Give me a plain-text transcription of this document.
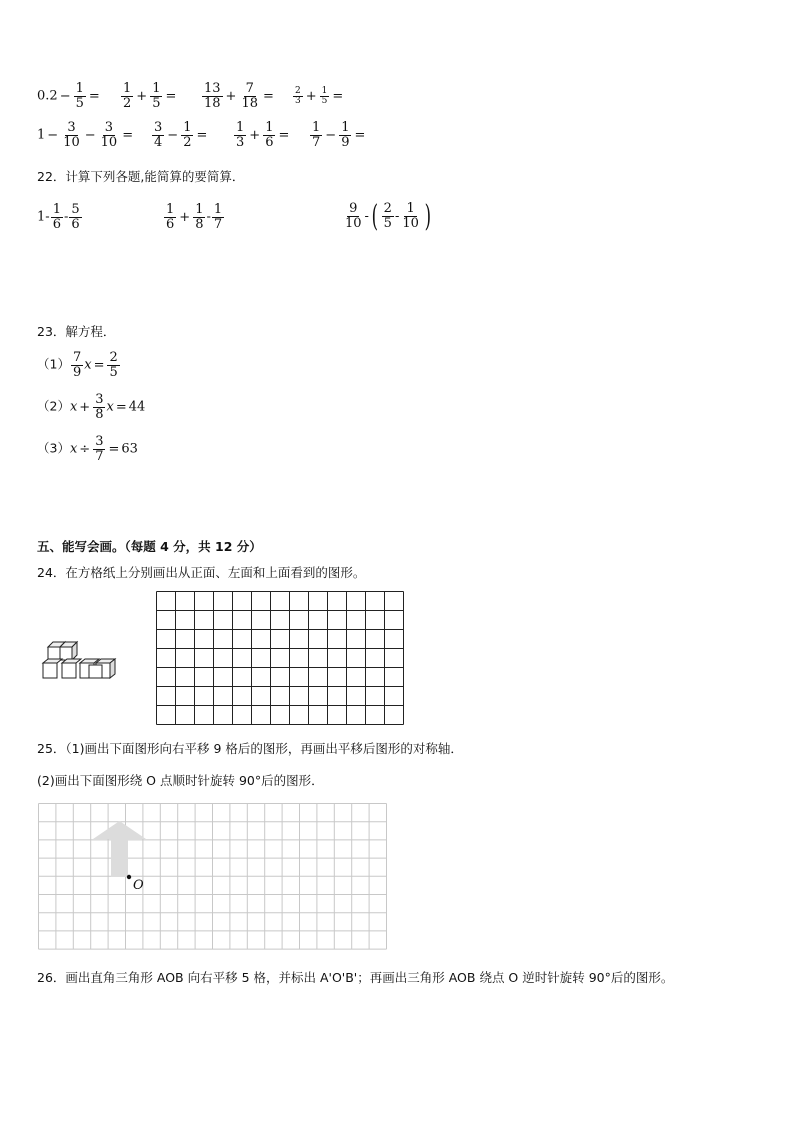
$0.2 - \frac{1}{5} = \frac{1}{2} + \frac{1}{5} = \frac{13}{18} + \frac{7}{18} = \frac{2}{3} + \frac{1}{5}$ =
$1 - \frac{3}{10} - \frac{3}{10} = \frac{3}{4} - \frac{1}{2} = \frac{1}{3} + \frac{1}{6} = \frac{1}{7} - \frac{1}{9}$ =
22．计算下列各题,能简算的要简算．
$1- \frac{1}{6} - \frac{5}{6}$	$\frac{1}{6} + \frac{1}{8} - \frac{1}{7}$	$\frac{9}{10}$ -( $\frac{2}{5} - \frac{1}{10}$ )
23．解方程．
$(1) \frac{7}{9}$ $x = \frac{2}{5}$
$(2)x + \frac{3}{8}$ x = 44
$(3)x \div \frac{3}{7} = 63$
五、能写会画。（每题 4 分，共 12 分）
24．在方格纸上分别画出从正面、左面和上面看到的图形。
25．（1)画出下面图形向右平移 9 格后的图形，再画出平移后图形的对称轴．
(2)画出下面图形绕 O 点顺时针旋转 90°后的图形．
O
26．画出直角三角形 AOB 向右平移 5 格，并标出 A'O'B'；再画出三角形 AOB 绕点 O 逆时针旋转 90°后的图形。
